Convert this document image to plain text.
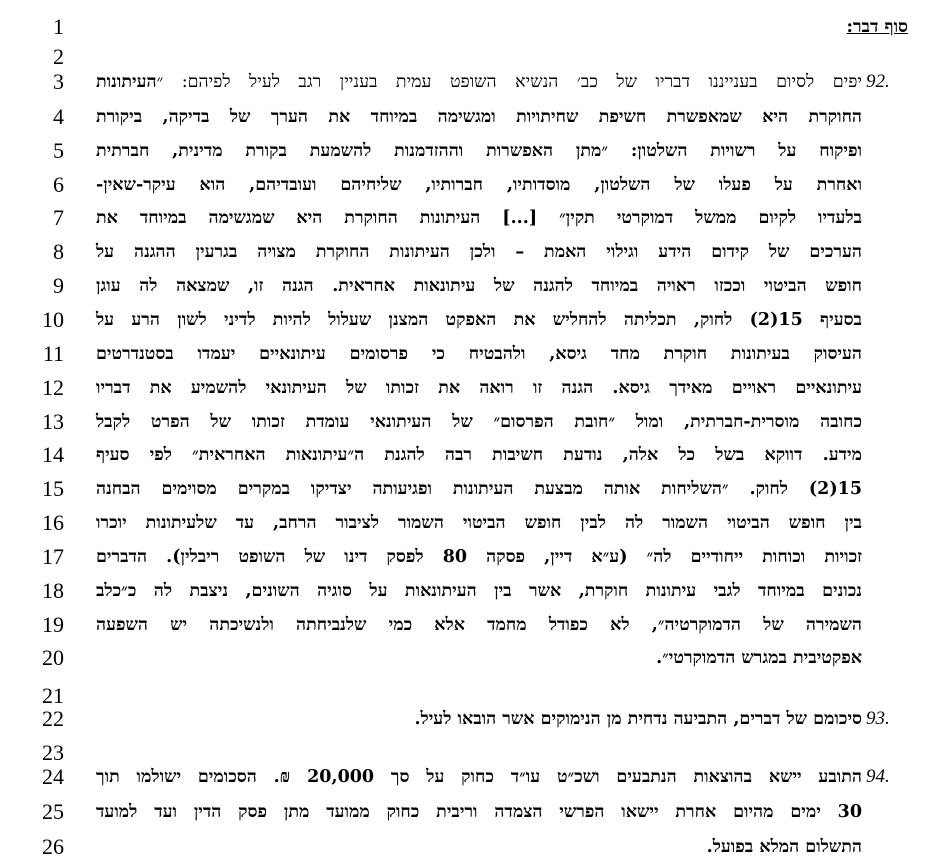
1
2
3
4
5
6
7
8
9
10
11
12
13
14
15
16
17
18
19
20
21
22
23
24
25
26
סוף דבר:
92.
יפים לסיום בענייננו דבריו של כב׳ הנשיא השופט עמית בעניין רגב לעיל לפיהם: ״העיתונות
החוקרת היא שמאפשרת חשיפת שחיתויות ומגשימה במיוחד את הערך של בדיקה, ביקורת
ופיקוח על רשויות השלטון: ״מתן האפשרות וההזדמנות להשמעת בקורת מדינית, חברתית
ואחרת על פעלו של השלטון, מוסדותיו, חברותיו, שליחיהם ועובדיהם, הוא עיקר-שאין-
בלעדיו לקיום ממשל דמוקרטי תקין״ [...] העיתונות החוקרת היא שמגשימה במיוחד את
הערכים של קידום הידע וגילוי האמת – ולכן העיתונות החוקרת מצויה בגרעין ההגנה על
חופש הביטוי וככזו ראויה במיוחד להגנה של עיתונאות אחראית. הגנה זו, שמצאה לה עוגן
בסעיף 15(2) לחוק, תכליתה להחליש את האפקט המצנן שעלול להיות לדיני לשון הרע על
העיסוק בעיתונות חוקרת מחד גיסא, ולהבטיח כי פרסומים עיתונאיים יעמדו בסטנדרטים
עיתונאיים ראויים מאידך גיסא. הגנה זו רואה את זכותו של העיתונאי להשמיע את דבריו
כחובה מוסרית-חברתית, ומול ״חובת הפרסום״ של העיתונאי עומדת זכותו של הפרט לקבל
מידע. דווקא בשל כל אלה, נודעת חשיבות רבה להגנת ה״עיתונאות האחראית״ לפי סעיף
15(2) לחוק. ״השליחות אותה מבצעת העיתונות ופגיעותה יצדיקו במקרים מסוימים הבחנה
בין חופש הביטוי השמור לה לבין חופש הביטוי השמור לציבור הרחב, עד שלעיתונות יוכרו
זכויות וכוחות ייחודיים לה״ (ע״א דיין, פסקה 80 לפסק דינו של השופט ריבלין). הדברים
נכונים במיוחד לגבי עיתונות חוקרת, אשר בין העיתונאות על סוגיה השונים, ניצבת לה כ״כלב
השמירה של הדמוקרטיה״, לא כפודל מחמד אלא כמי שלנביחתה ולנשיכתה יש השפעה
אפקטיבית במגרש הדמוקרטי״.
93.
סיכומם של דברים, התביעה נדחית מן הנימוקים אשר הובאו לעיל.
94.
התובע יישא בהוצאות הנתבעים ושכ״ט עו״ד כחוק על סך 20,000 ₪. הסכומים ישולמו תוך
30 ימים מהיום אחרת יישאו הפרשי הצמדה וריבית כחוק ממועד מתן פסק הדין ועד למועד
התשלום המלא בפועל.
